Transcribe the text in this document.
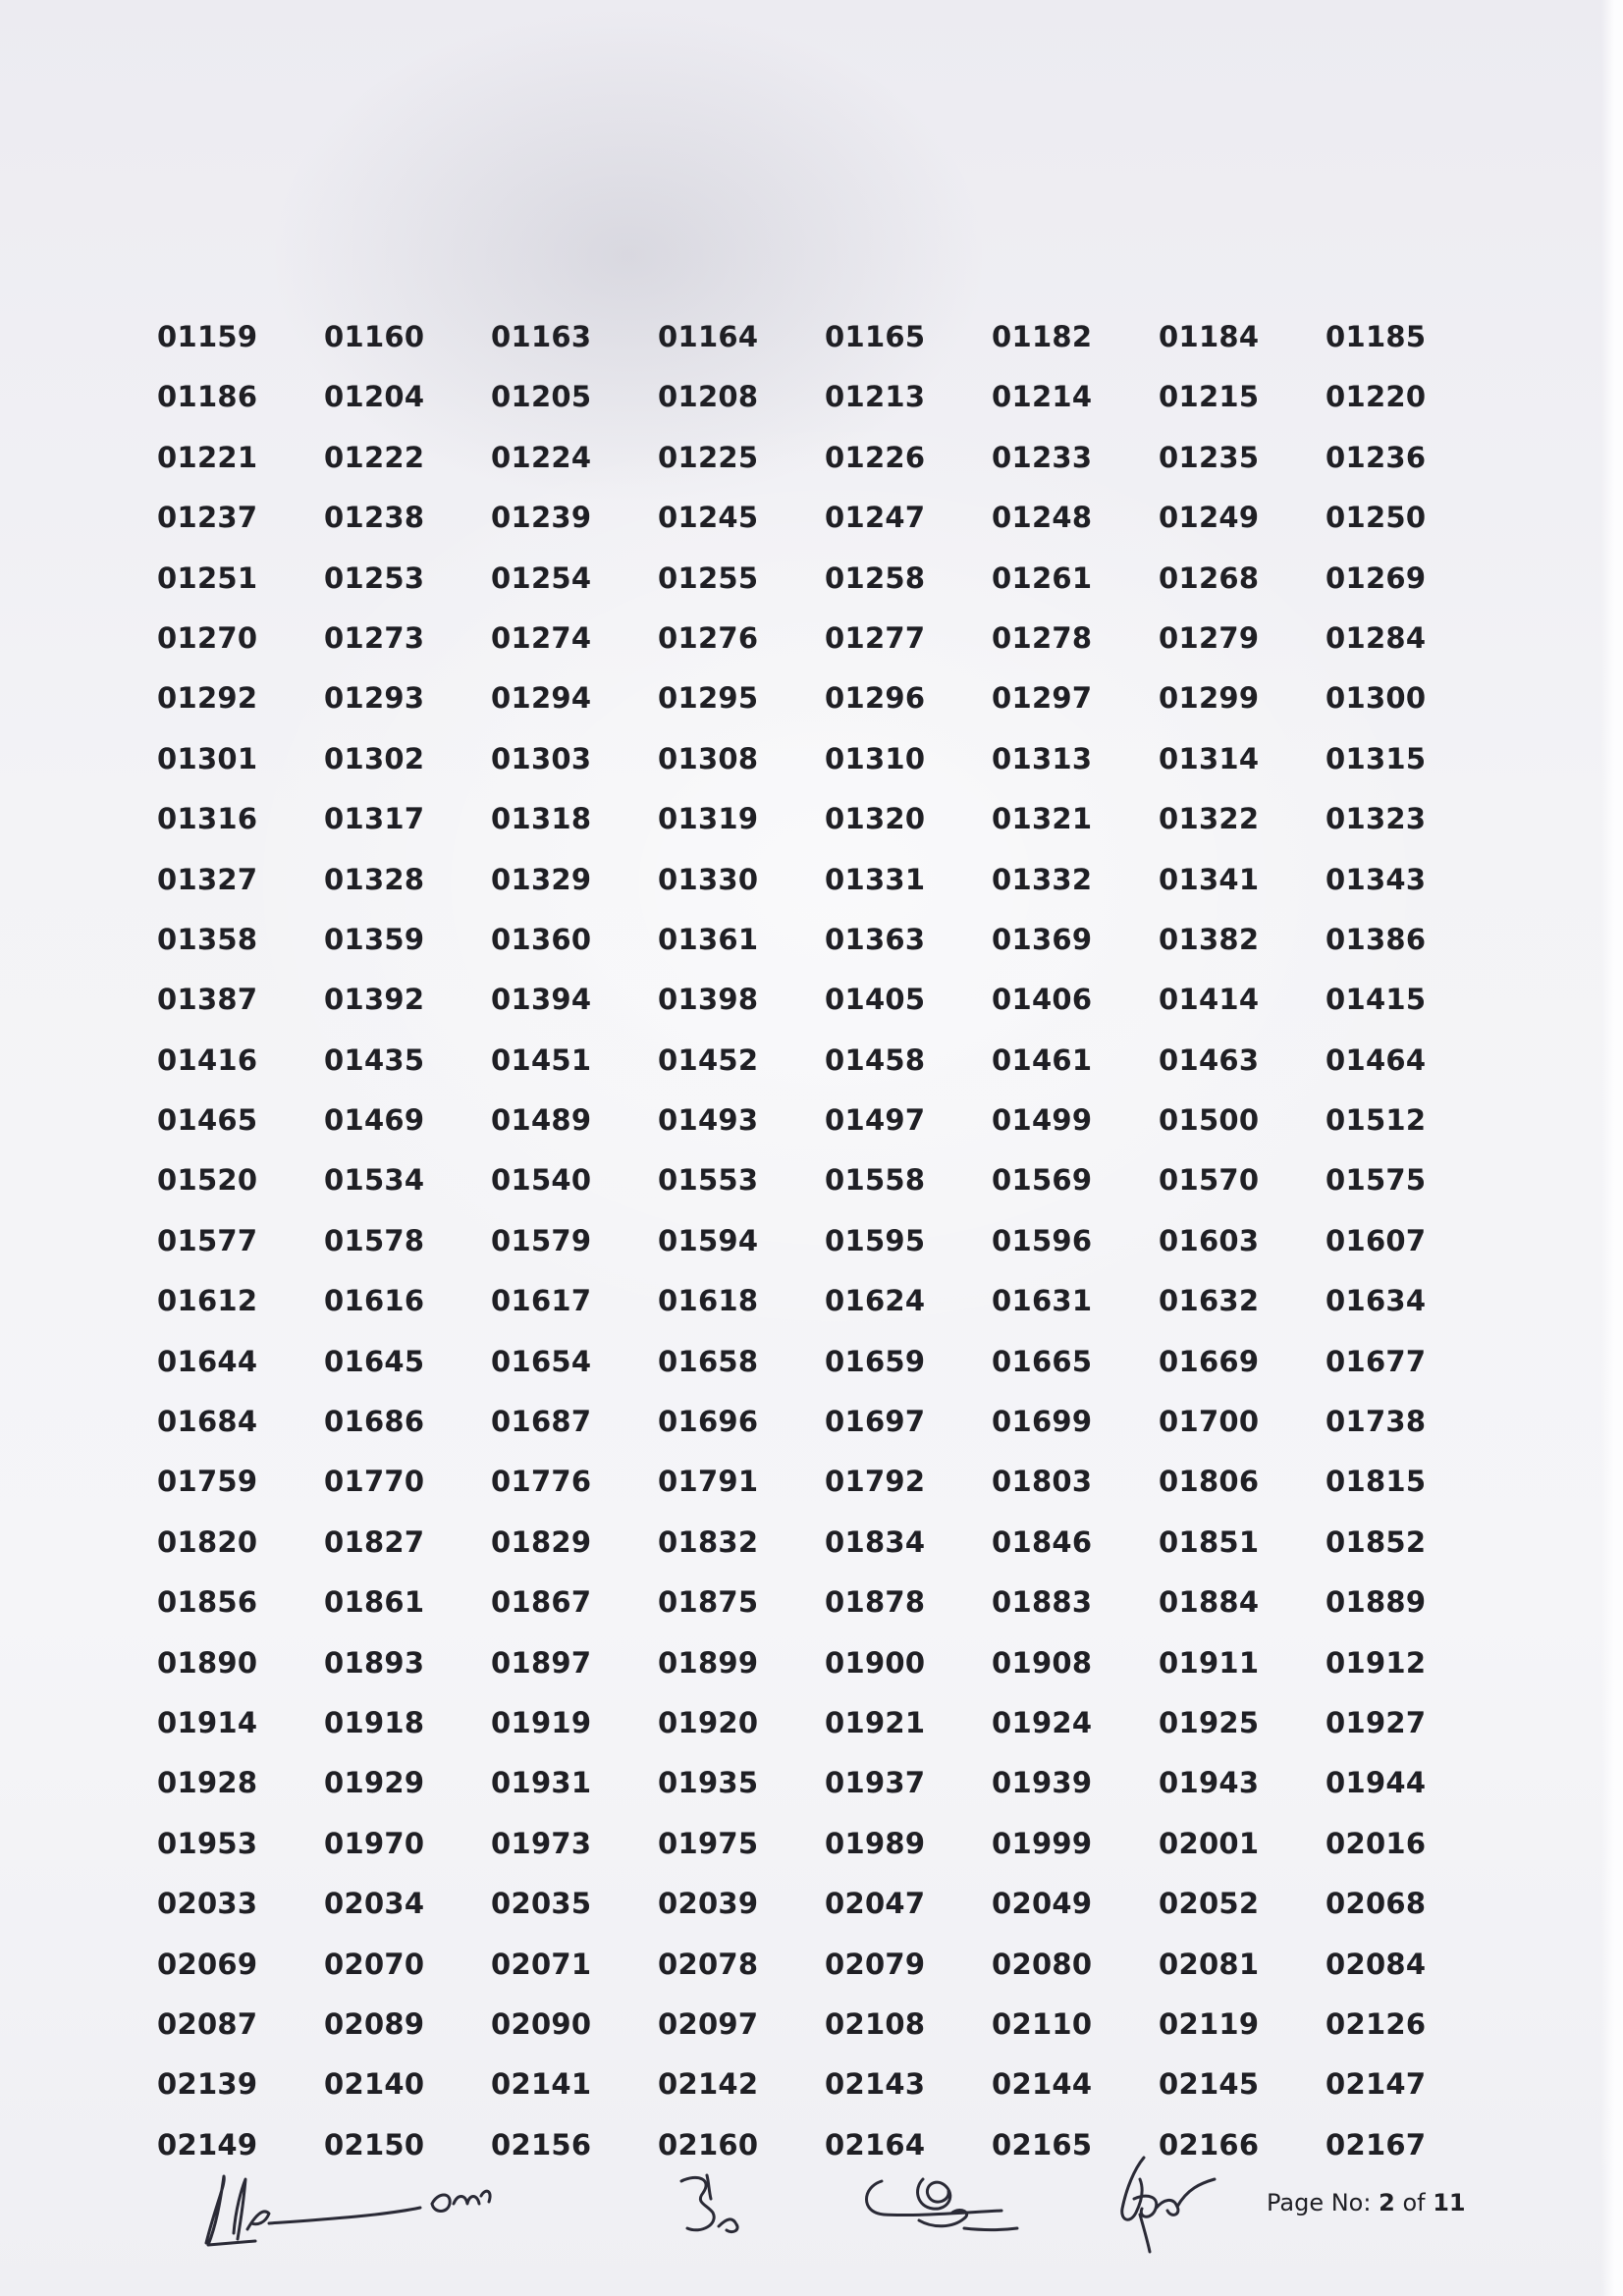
01159	01160	01163	01164	01165	01182	01184	01185
01186	01204	01205	01208	01213	01214	01215	01220
01221	01222	01224	01225	01226	01233	01235	01236
01237	01238	01239	01245	01247	01248	01249	01250
01251	01253	01254	01255	01258	01261	01268	01269
01270	01273	01274	01276	01277	01278	01279	01284
01292	01293	01294	01295	01296	01297	01299	01300
01301	01302	01303	01308	01310	01313	01314	01315
01316	01317	01318	01319	01320	01321	01322	01323
01327	01328	01329	01330	01331	01332	01341	01343
01358	01359	01360	01361	01363	01369	01382	01386
01387	01392	01394	01398	01405	01406	01414	01415
01416	01435	01451	01452	01458	01461	01463	01464
01465	01469	01489	01493	01497	01499	01500	01512
01520	01534	01540	01553	01558	01569	01570	01575
01577	01578	01579	01594	01595	01596	01603	01607
01612	01616	01617	01618	01624	01631	01632	01634
01644	01645	01654	01658	01659	01665	01669	01677
01684	01686	01687	01696	01697	01699	01700	01738
01759	01770	01776	01791	01792	01803	01806	01815
01820	01827	01829	01832	01834	01846	01851	01852
01856	01861	01867	01875	01878	01883	01884	01889
01890	01893	01897	01899	01900	01908	01911	01912
01914	01918	01919	01920	01921	01924	01925	01927
01928	01929	01931	01935	01937	01939	01943	01944
01953	01970	01973	01975	01989	01999	02001	02016
02033	02034	02035	02039	02047	02049	02052	02068
02069	02070	02071	02078	02079	02080	02081	02084
02087	02089	02090	02097	02108	02110	02119	02126
02139	02140	02141	02142	02143	02144	02145	02147
02149	02150	02156	02160	02164	02165	02166	02167
Page No: 2 of 11
